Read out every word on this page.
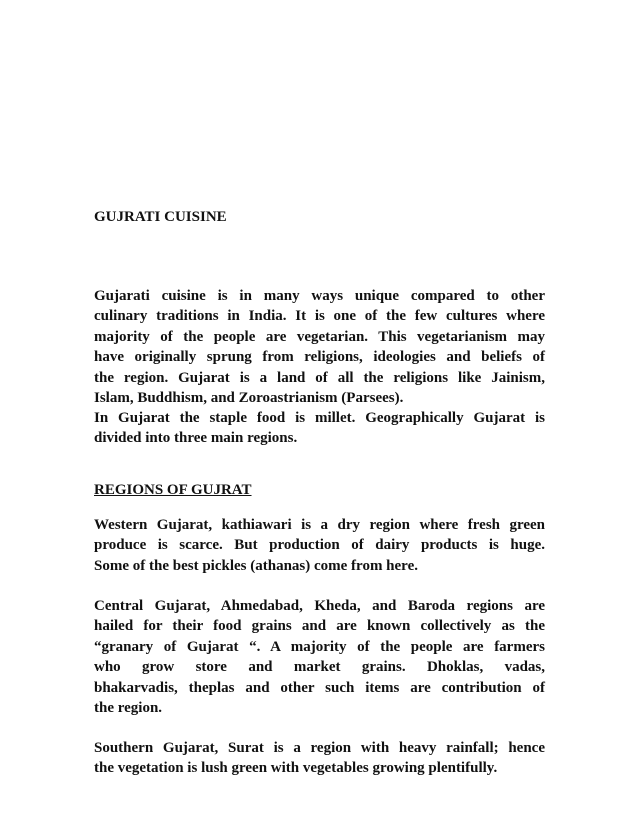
GUJRATI CUISINE

Gujarati cuisine is in many ways unique compared to other
culinary traditions in India. It is one of the few cultures where
majority of the people are vegetarian. This vegetarianism may
have originally sprung from religions, ideologies and beliefs of
the region. Gujarat is a land of all the religions like Jainism,
Islam, Buddhism, and Zoroastrianism (Parsees).

In Gujarat the staple food is millet. Geographically Gujarat is
divided into three main regions.

REGIONS OF GUJRAT

Western Gujarat, kathiawari is a dry region where fresh green
produce is scarce. But production of dairy products is huge.
Some of the best pickles (athanas) come from here.

Central Gujarat, Ahmedabad, Kheda, and Baroda regions are
hailed for their food grains and are known collectively as the
“granary of Gujarat “. A majority of the people are farmers
who grow store and market grains. Dhoklas, vadas,
bhakarvadis, theplas and other such items are contribution of
the region.

Southern Gujarat, Surat is a region with heavy rainfall; hence
the vegetation is lush green with vegetables growing plentifully.
